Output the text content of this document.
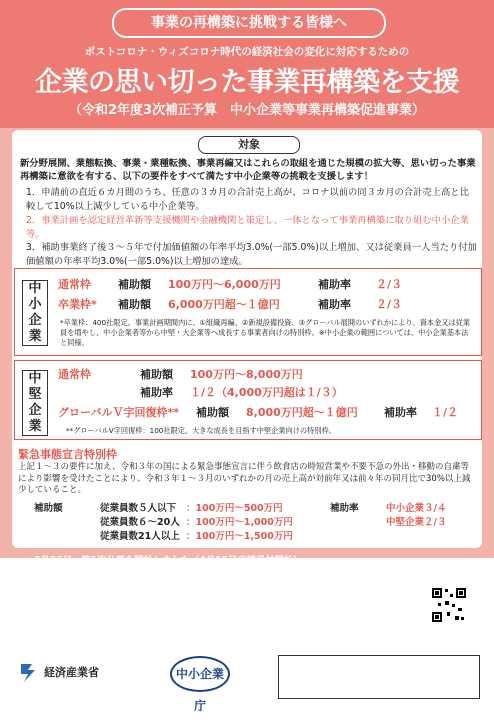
事業の再構築に挑戦する皆様へ
ポストコロナ・ウィズコロナ時代の経済社会の変化に対応するための
企業の思い切った事業再構築を支援
（令和2年度3次補正予算　中小企業等事業再構築促進事業）
対象
新分野展開、業態転換、事業・業種転換、事業再編又はこれらの取組を通じた規模の拡大等、思い切った事業再構築に意欲を有する、以下の要件をすべて満たす中小企業等の挑戦を支援します！
1．申請前の直近６カ月間のうち、任意の３カ月の合計売上高が、コロナ以前の同３カ月の合計売上高と比較して10%以上減少している中小企業等。
2．事業計画を認定経営革新等支援機関や金融機関と策定し、一体となって事業再構築に取り組む中小企業等。
3．補助事業終了後３～５年で付加価値額の年率平均3.0%(一部5.0%)以上増加、又は従業員一人当たり付加価値額の年率平均3.0%(一部5.0%)以上増加の達成。
中小企業
通常枠 補助額 100万円～6,000万円	補助率 ２/３
卒業枠* 補助額 6,000万円超～１億円	補助率 ２/３
*卒業枠：400社限定。事業計画期間内に、①組織再編、②新規設備投資、③グローバル展開のいずれかにより、資本金又は従業員を増やし、中小企業者等から中堅・大企業等へ成長する事業者向けの特別枠。※中小企業の範囲については、中小企業基本法と同様。
中堅企業
通常枠	補助額 100万円～8,000万円
補助率 １/２（4,000万円超は１/３）
グローバルＶ字回復枠** 補助額 8,000万円超～１億円 補助率 １/２
**グローバルV字回復枠：100社限定。大きな成長を目指す中堅企業向けの特別枠。
緊急事態宣言特別枠
上記１～３の要件に加え、令和３年の国による緊急事態宣言に伴う飲食店の時短営業や不要不急の外出・移動の自粛等により影響を受けたことにより、令和３年１～３月のいずれかの月の売上高が対前年又は前々年の同月比で30%以上減少していること。
補助額	従業員数５人以下 ：100万円～500万円
従業員数６～20人 ：100万円～1,000万円
従業員数21人以上 ：100万円～1,500万円
補助率	中小企業３/４
中堅企業２/３
● 3月26日、第1次公募を開始しました（4月15日申請受付開始）。
● 第1次公募の締切りは4月30日です。令和３年度にさらに４回程度公募する予定です。
● 申請後、審査委員が審査の上、予算の範囲内で採択します。公募要領に記載されている審査項目や注意事項を確認の上、事業計画を策定してください。
※ 詳細は事業再構築補助金事務局ホームページをご確認ください。
https://jigyou-saikouchiku.jp/	事業再構築補助金事務局HP
経済産業省	中小企業庁
